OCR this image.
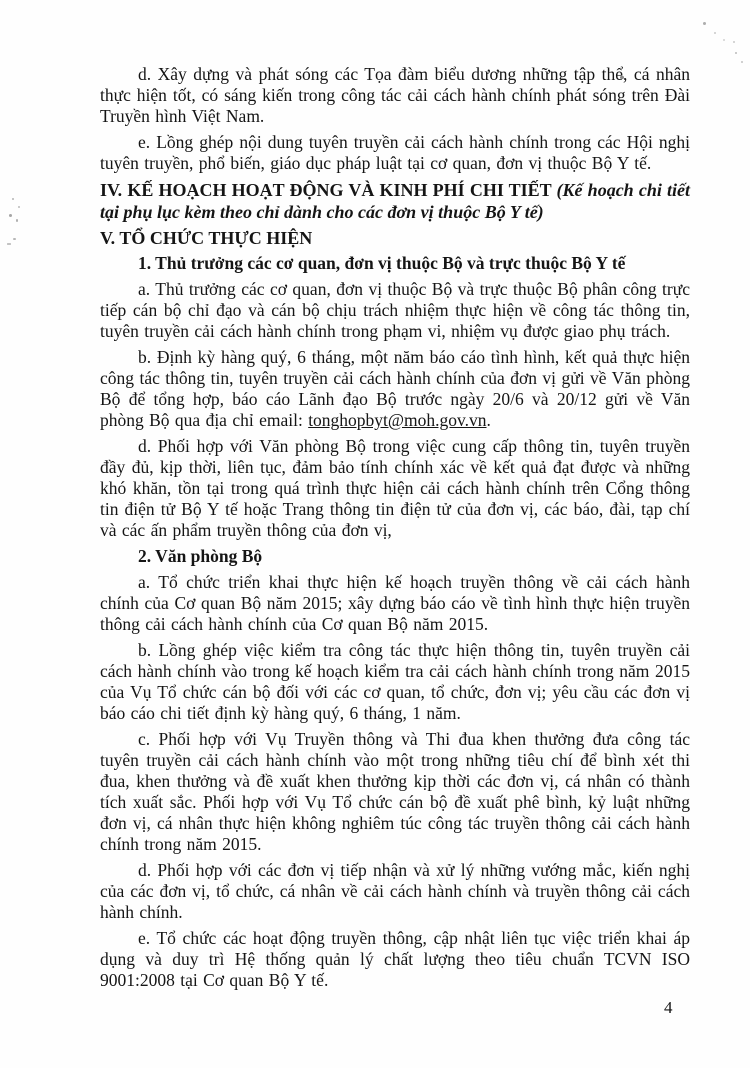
d. Xây dựng và phát sóng các Tọa đàm biểu dương những tập thể, cá nhân thực hiện tốt, có sáng kiến trong công tác cải cách hành chính phát sóng trên Đài Truyền hình Việt Nam.

e. Lồng ghép nội dung tuyên truyền cải cách hành chính trong các Hội nghị tuyên truyền, phổ biến, giáo dục pháp luật tại cơ quan, đơn vị thuộc Bộ Y tế.

IV. KẾ HOẠCH HOẠT ĐỘNG VÀ KINH PHÍ CHI TIẾT (Kế hoạch chi tiết tại phụ lục kèm theo chỉ dành cho các đơn vị thuộc Bộ Y tế)

V. TỔ CHỨC THỰC HIỆN

1. Thủ trưởng các cơ quan, đơn vị thuộc Bộ và trực thuộc Bộ Y tế

a. Thủ trưởng các cơ quan, đơn vị thuộc Bộ và trực thuộc Bộ phân công trực tiếp cán bộ chỉ đạo và cán bộ chịu trách nhiệm thực hiện về công tác thông tin, tuyên truyền cải cách hành chính trong phạm vi, nhiệm vụ được giao phụ trách.

b. Định kỳ hàng quý, 6 tháng, một năm báo cáo tình hình, kết quả thực hiện công tác thông tin, tuyên truyền cải cách hành chính của đơn vị gửi về Văn phòng Bộ để tổng hợp, báo cáo Lãnh đạo Bộ trước ngày 20/6 và 20/12 gửi về Văn phòng Bộ qua địa chỉ email: tonghopbyt@moh.gov.vn.

d. Phối hợp với Văn phòng Bộ trong việc cung cấp thông tin, tuyên truyền đầy đủ, kịp thời, liên tục, đảm bảo tính chính xác về kết quả đạt được và những khó khăn, tồn tại trong quá trình thực hiện cải cách hành chính trên Cổng thông tin điện tử Bộ Y tế hoặc Trang thông tin điện tử của đơn vị, các báo, đài, tạp chí và các ấn phẩm truyền thông của đơn vị,

2. Văn phòng Bộ

a. Tổ chức triển khai thực hiện kế hoạch truyền thông về cải cách hành chính của Cơ quan Bộ năm 2015; xây dựng báo cáo về tình hình thực hiện truyền thông cải cách hành chính của Cơ quan Bộ năm 2015.

b. Lồng ghép việc kiểm tra công tác thực hiện thông tin, tuyên truyền cải cách hành chính vào trong kế hoạch kiểm tra cải cách hành chính trong năm 2015 của Vụ Tổ chức cán bộ đối với các cơ quan, tổ chức, đơn vị; yêu cầu các đơn vị báo cáo chi tiết định kỳ hàng quý, 6 tháng, 1 năm.

c. Phối hợp với Vụ Truyền thông và Thi đua khen thưởng đưa công tác tuyên truyền cải cách hành chính vào một trong những tiêu chí để bình xét thi đua, khen thưởng và đề xuất khen thưởng kịp thời các đơn vị, cá nhân có thành tích xuất sắc. Phối hợp với Vụ Tổ chức cán bộ đề xuất phê bình, kỷ luật những đơn vị, cá nhân thực hiện không nghiêm túc công tác truyền thông cải cách hành chính trong năm 2015.

d. Phối hợp với các đơn vị tiếp nhận và xử lý những vướng mắc, kiến nghị của các đơn vị, tổ chức, cá nhân về cải cách hành chính và truyền thông cải cách hành chính.

e. Tổ chức các hoạt động truyền thông, cập nhật liên tục việc triển khai áp dụng và duy trì Hệ thống quản lý chất lượng theo tiêu chuẩn TCVN ISO 9001:2008 tại Cơ quan Bộ Y tế.

4
